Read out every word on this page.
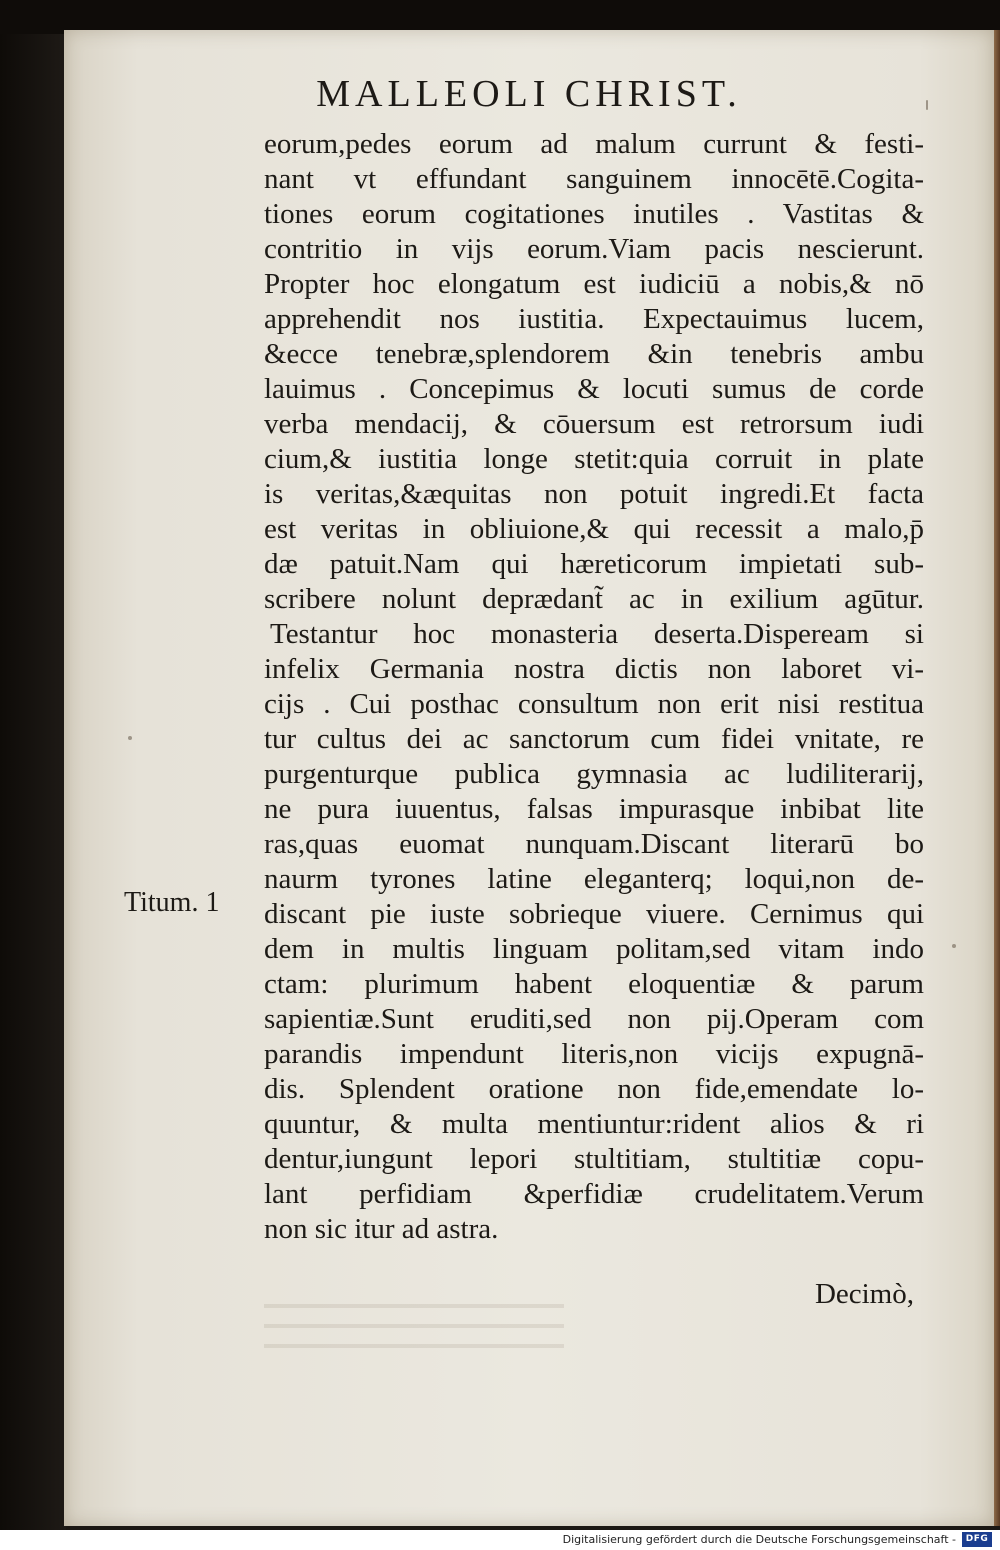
MALLEOLI CHRIST.
Titum. 1
eorum,pedes eorum ad malum currunt & festi-
nant vt effundant sanguinem innocētē.Cogita-
tiones eorum cogitationes inutiles . Vastitas &
contritio in vijs eorum.Viam pacis nescierunt.
Propter hoc elongatum est iudiciū a nobis,& nō
apprehendit nos iustitia. Expectauimus lucem,
&ecce tenebræ,splendorem &in tenebris ambu
lauimus . Concepimus & locuti sumus de corde
verba mendacij, & cōuersum est retrorsum iudi
cium,& iustitia longe stetit:quia corruit in plate
is veritas,&æquitas non potuit ingredi.Et facta
est veritas in obliuione,& qui recessit a malo,p̄
dæ patuit.Nam qui hæreticorum impietati sub-
scribere nolunt deprædant̃ ac in exilium agūtur.
Testantur hoc monasteria deserta.Dispeream si
infelix Germania nostra dictis non laboret vi-
cijs . Cui posthac consultum non erit nisi restitua
tur cultus dei ac sanctorum cum fidei vnitate, re
purgenturque publica gymnasia ac ludiliterarij,
ne pura iuuentus, falsas impurasque inbibat lite
ras,quas euomat nunquam.Discant literarū bo
naurm tyrones latine eleganterq; loqui,non de-
discant pie iuste sobrieque viuere. Cernimus qui
dem in multis linguam politam,sed vitam indo
ctam: plurimum habent eloquentiæ & parum
sapientiæ.Sunt eruditi,sed non pij.Operam com
parandis impendunt literis,non vicijs expugnā-
dis. Splendent oratione non fide,emendate lo-
quuntur, & multa mentiuntur:rident alios & ri
dentur,iungunt lepori stultitiam, stultitiæ copu-
lant perfidiam &perfidiæ crudelitatem.Verum
non sic itur ad astra.
Decimò,
Digitalisierung gefördert durch die Deutsche Forschungsgemeinschaft -	DFG
